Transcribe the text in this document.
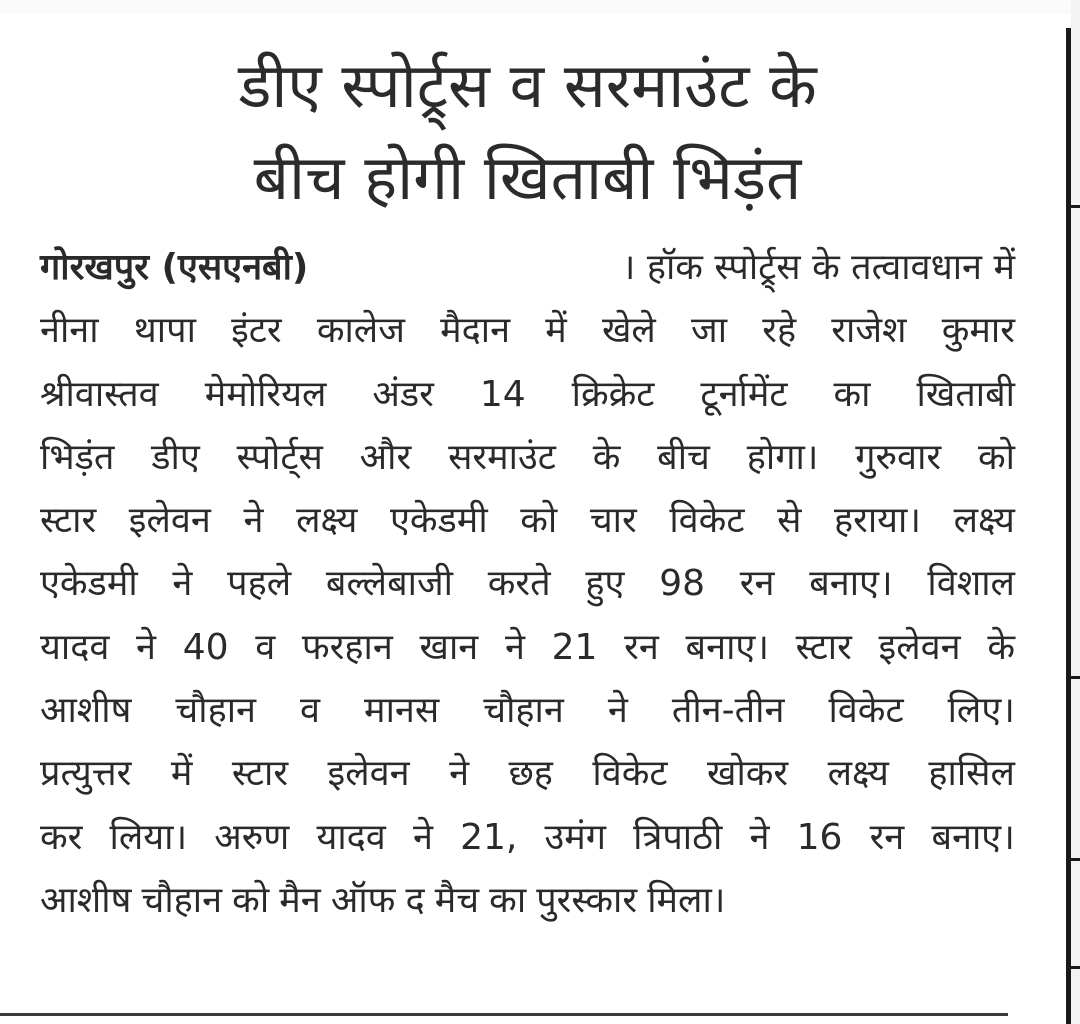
डीए स्पोर्ट्र्स व सरमाउंट के
बीच होगी खिताबी भिड़ंत
गोरखपुर (एसएनबी)	। हॉक स्पोर्ट्र्स के तत्वावधान में
नीना थापा इंटर कालेज मैदान में खेले जा रहे राजेश कुमार
श्रीवास्तव मेमोरियल अंडर 14 क्रिक्रेट टूर्नामेंट का खिताबी
भिड़ंत डीए स्पोर्ट्स और सरमाउंट के बीच होगा। गुरुवार को
स्टार इलेवन ने लक्ष्य एकेडमी को चार विकेट से हराया। लक्ष्य
एकेडमी ने पहले बल्लेबाजी करते हुए 98 रन बनाए। विशाल
यादव ने 40 व फरहान खान ने 21 रन बनाए। स्टार इलेवन के
आशीष चौहान व मानस चौहान ने तीन-तीन विकेट लिए।
प्रत्युत्तर में स्टार इलेवन ने छह विकेट खोकर लक्ष्य हासिल
कर लिया। अरुण यादव ने 21, उमंग त्रिपाठी ने 16 रन बनाए।
आशीष चौहान को मैन ऑफ द मैच का पुरस्कार मिला।
